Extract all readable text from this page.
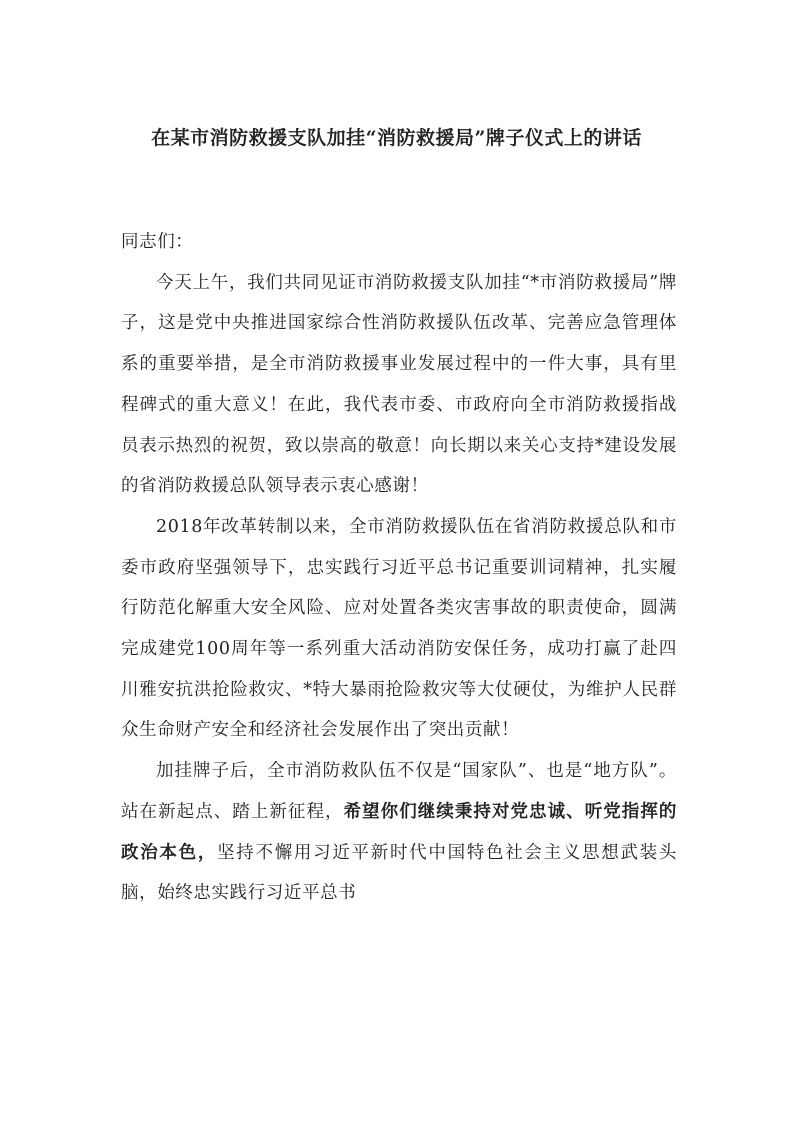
在某市消防救援支队加挂“消防救援局”牌子仪式上的讲话

同志们：

今天上午，我们共同见证市消防救援支队加挂“*市消防救援局”牌子，这是党中央推进国家综合性消防救援队伍改革、完善应急管理体系的重要举措，是全市消防救援事业发展过程中的一件大事，具有里程碑式的重大意义！在此，我代表市委、市政府向全市消防救援指战员表示热烈的祝贺，致以崇高的敬意！向长期以来关心支持*建设发展的省消防救援总队领导表示衷心感谢！

2018年改革转制以来，全市消防救援队伍在省消防救援总队和市委市政府坚强领导下，忠实践行习近平总书记重要训词精神，扎实履行防范化解重大安全风险、应对处置各类灾害事故的职责使命，圆满完成建党100周年等一系列重大活动消防安保任务，成功打赢了赴四川雅安抗洪抢险救灾、*特大暴雨抢险救灾等大仗硬仗，为维护人民群众生命财产安全和经济社会发展作出了突出贡献！

加挂牌子后，全市消防救队伍不仅是“国家队”、也是“地方队”。站在新起点、踏上新征程，希望你们继续秉持对党忠诚、听党指挥的政治本色，坚持不懈用习近平新时代中国特色社会主义思想武装头脑，始终忠实践行习近平总书
